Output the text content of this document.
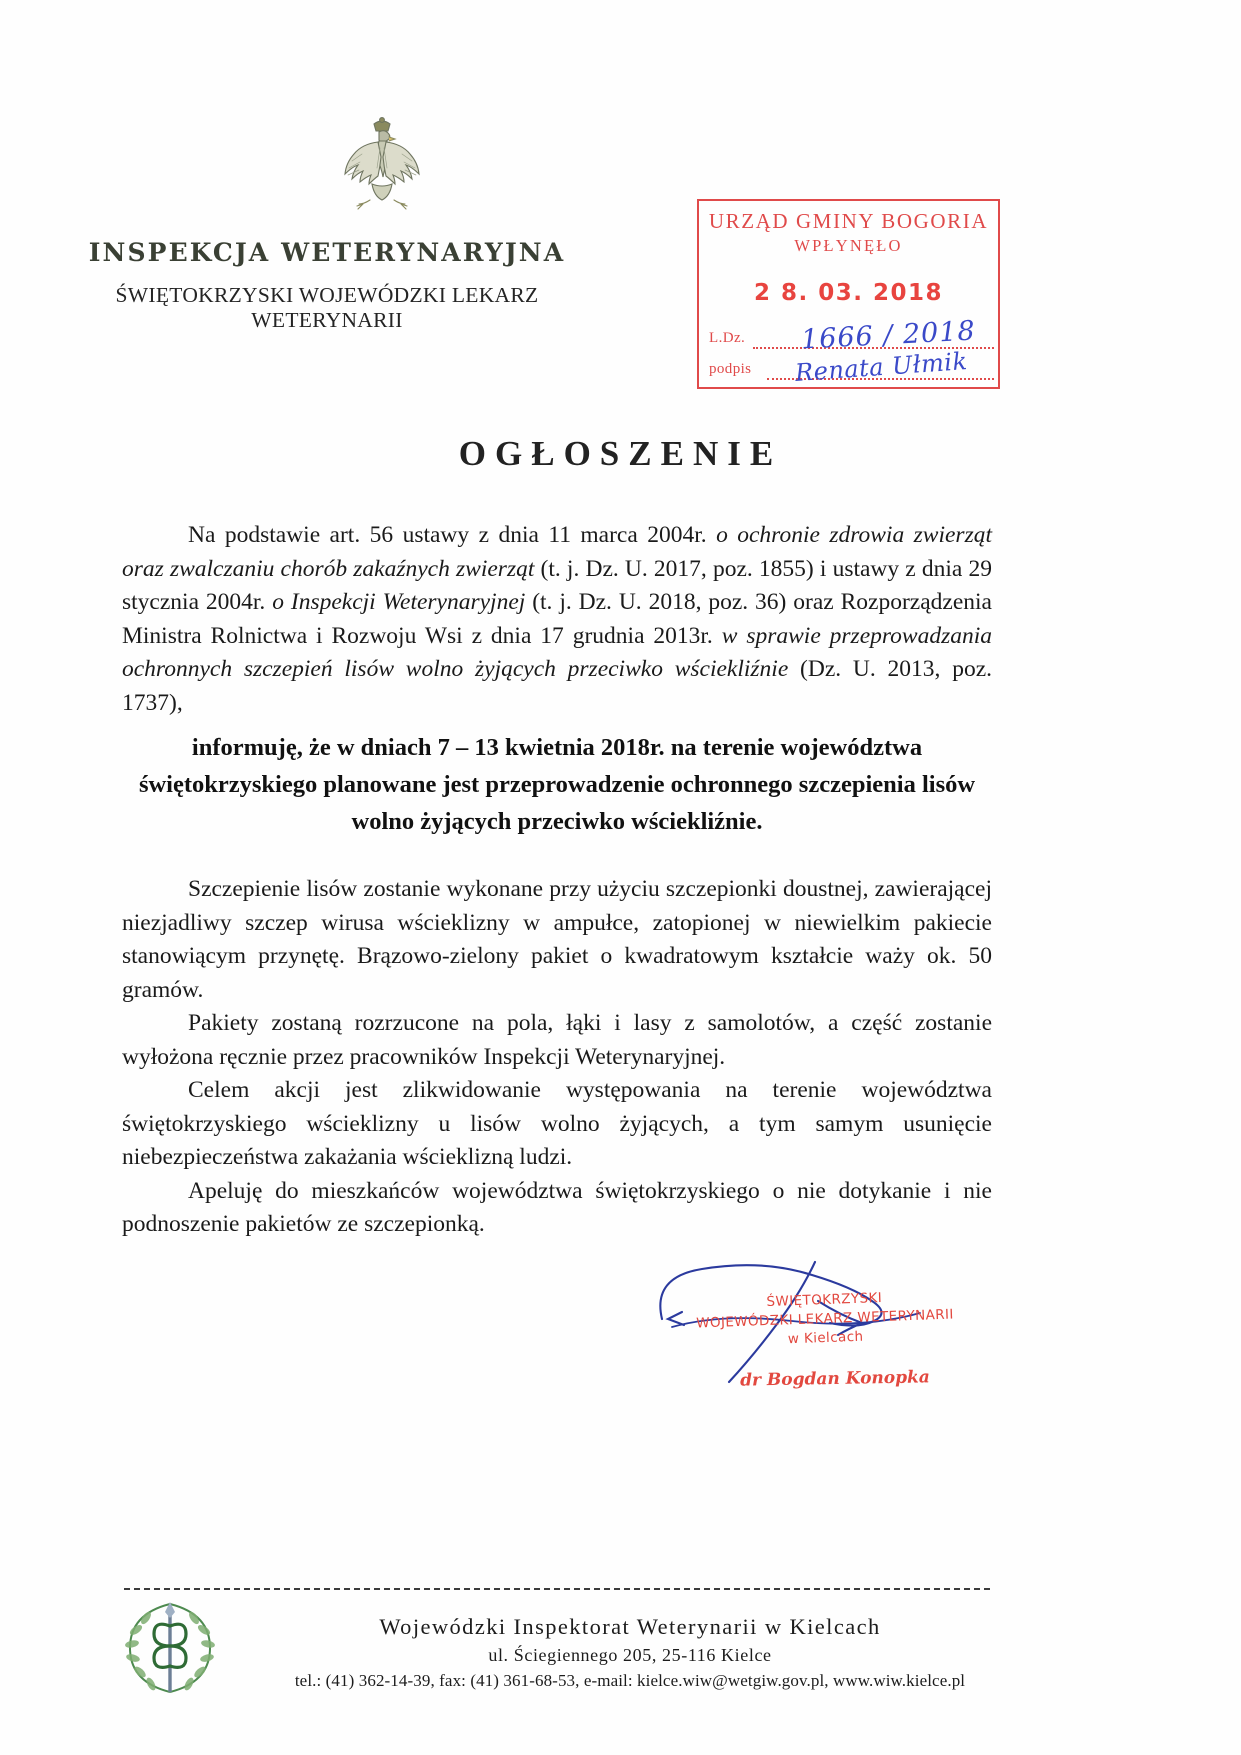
INSPEKCJA WETERYNARYJNA
ŚWIĘTOKRZYSKI WOJEWÓDZKI LEKARZ
WETERYNARII
URZĄD GMINY BOGORIA
WPŁYNĘŁO
2 8. 03. 2018
L.Dz. 1666 / 2018
podpis Renata Ułmik
OGŁOSZENIE

Na podstawie art. 56 ustawy z dnia 11 marca 2004r. o ochronie zdrowia zwierząt oraz zwalczaniu chorób zakaźnych zwierząt (t. j. Dz. U. 2017, poz. 1855) i ustawy z dnia 29 stycznia 2004r. o Inspekcji Weterynaryjnej (t. j. Dz. U. 2018, poz. 36) oraz Rozporządzenia Ministra Rolnictwa i Rozwoju Wsi z dnia 17 grudnia 2013r. w sprawie przeprowadzania ochronnych szczepień lisów wolno żyjących przeciwko wściekliźnie (Dz. U. 2013, poz. 1737),

informuję, że w dniach 7 – 13 kwietnia 2018r. na terenie województwa świętokrzyskiego planowane jest przeprowadzenie ochronnego szczepienia lisów wolno żyjących przeciwko wściekliźnie.

Szczepienie lisów zostanie wykonane przy użyciu szczepionki doustnej, zawierającej niezjadliwy szczep wirusa wścieklizny w ampułce, zatopionej w niewielkim pakiecie stanowiącym przynętę. Brązowo-zielony pakiet o kwadratowym kształcie waży ok. 50 gramów.

Pakiety zostaną rozrzucone na pola, łąki i lasy z samolotów, a część zostanie wyłożona ręcznie przez pracowników Inspekcji Weterynaryjnej.

Celem akcji jest zlikwidowanie występowania na terenie województwa świętokrzyskiego wścieklizny u lisów wolno żyjących, a tym samym usunięcie niebezpieczeństwa zakażania wścieklizną ludzi.

Apeluję do mieszkańców województwa świętokrzyskiego o nie dotykanie i nie podnoszenie pakietów ze szczepionką.

ŚWIĘTOKRZYSKI
WOJEWÓDZKI LEKARZ WETERYNARII
w Kielcach
dr Bogdan Konopka
Wojewódzki Inspektorat Weterynarii w Kielcach
ul. Ściegiennego 205, 25-116 Kielce
tel.: (41) 362-14-39, fax: (41) 361-68-53, e-mail: kielce.wiw@wetgiw.gov.pl, www.wiw.kielce.pl
